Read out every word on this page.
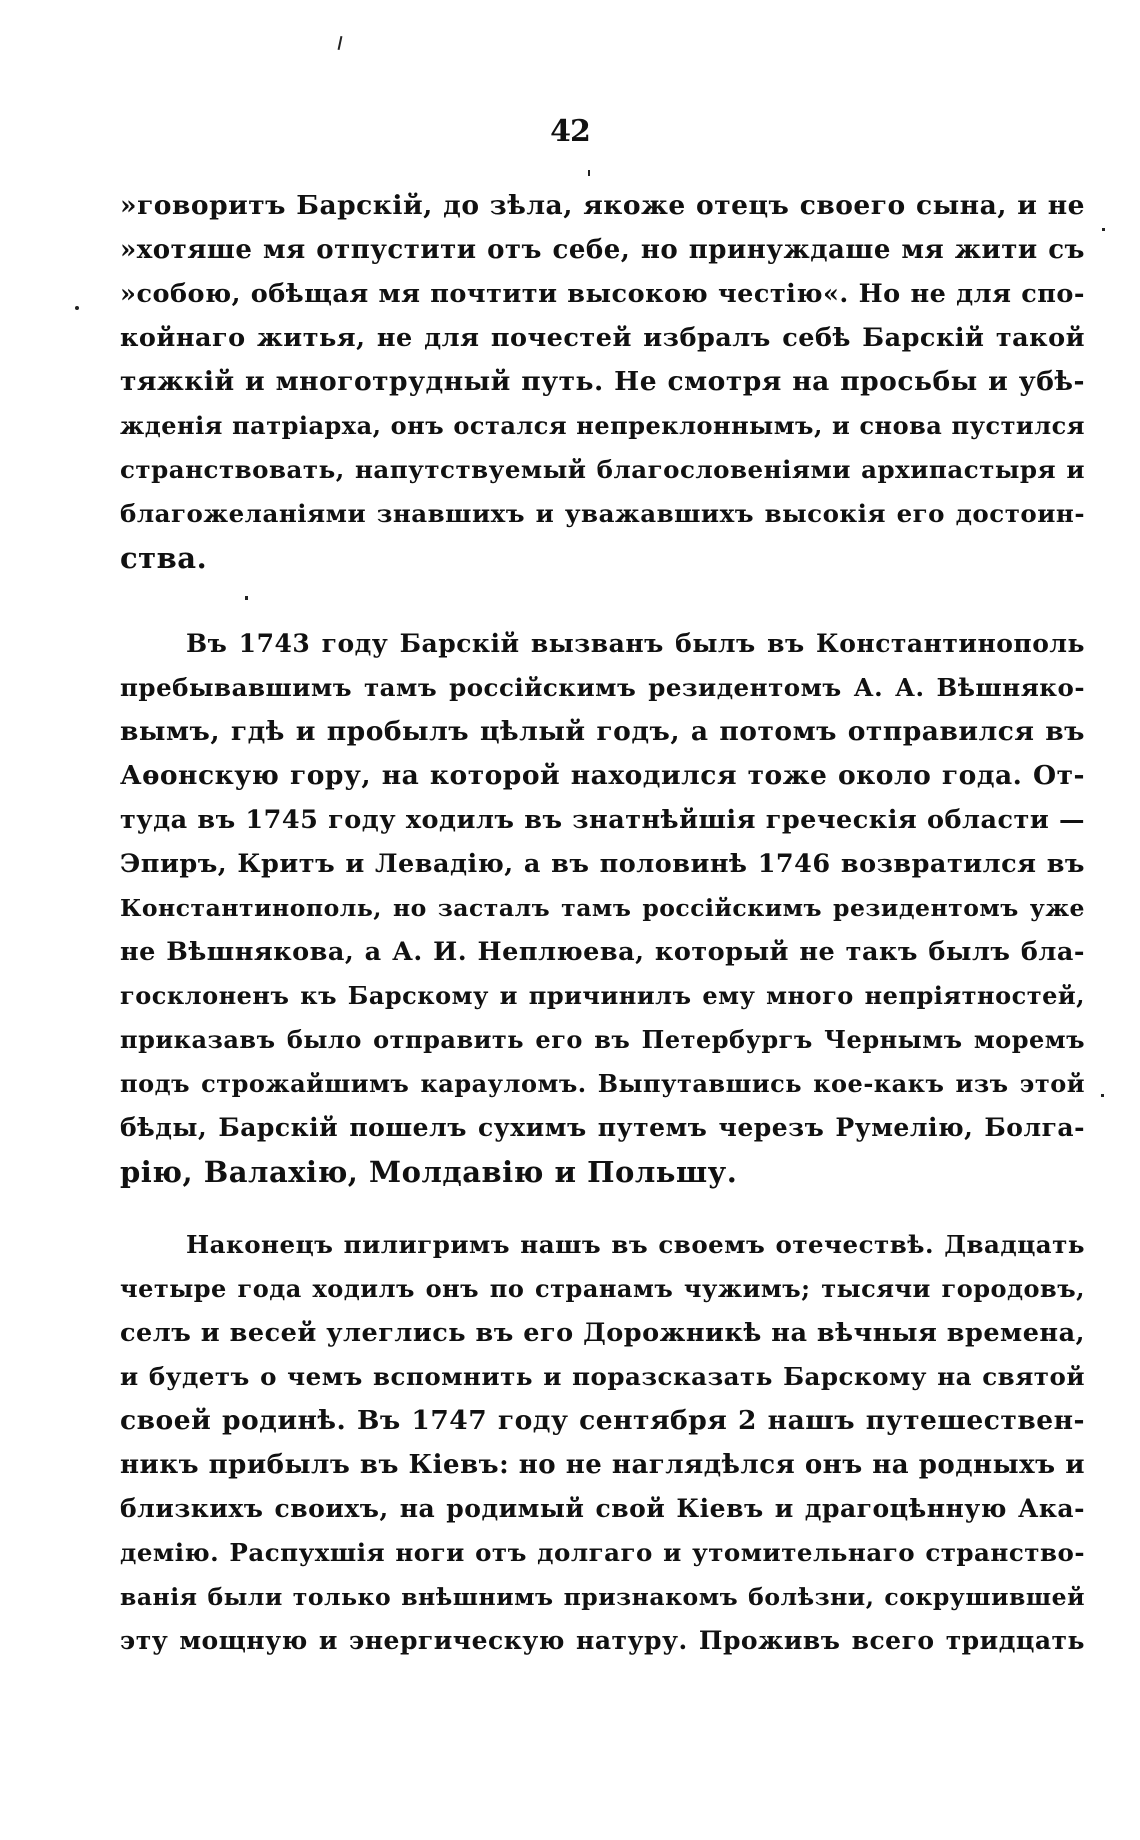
42
»говоритъ Барскій, до зѣла, якоже отецъ своего сына, и не
»хотяше мя отпустити отъ себе, но принуждаше мя жити съ
»собою, обѣщая мя почтити высокою честію«. Но не для спо-
койнаго житья, не для почестей избралъ себѣ Барскій такой
тяжкій и многотрудный путь. Не смотря на просьбы и убѣ-
жденія патріарха, онъ остался непреклоннымъ, и снова пустился
странствовать, напутствуемый благословеніями архипастыря и
благожеланіями знавшихъ и уважавшихъ высокія его достоин-
ства.
Въ 1743 году Барскій вызванъ былъ въ Константинополь
пребывавшимъ тамъ россійскимъ резидентомъ А. А. Вѣшняко-
вымъ, гдѣ и пробылъ цѣлый годъ, а потомъ отправился въ
Аѳонскую гору, на которой находился тоже около года. От-
туда въ 1745 году ходилъ въ знатнѣйшія греческія области —
Эпиръ, Критъ и Левадію, а въ половинѣ 1746 возвратился въ
Константинополь, но засталъ тамъ россійскимъ резидентомъ уже
не Вѣшнякова, а А. И. Неплюева, который не такъ былъ бла-
госклоненъ къ Барскому и причинилъ ему много непріятностей,
приказавъ было отправить его въ Петербургъ Чернымъ моремъ
подъ строжайшимъ карауломъ. Выпутавшись кое-какъ изъ этой
бѣды, Барскій пошелъ сухимъ путемъ черезъ Румелію, Болга-
рію, Валахію, Молдавію и Польшу.
Наконецъ пилигримъ нашъ въ своемъ отечествѣ. Двадцать
четыре года ходилъ онъ по странамъ чужимъ; тысячи городовъ,
селъ и весей улеглись въ его Дорожникѣ на вѣчныя времена,
и будетъ о чемъ вспомнить и поразсказать Барскому на святой
своей родинѣ. Въ 1747 году сентября 2 нашъ путешествен-
никъ прибылъ въ Кіевъ: но не наглядѣлся онъ на родныхъ и
близкихъ своихъ, на родимый свой Кіевъ и драгоцѣнную Ака-
демію. Распухшія ноги отъ долгаго и утомительнаго странство-
ванія были только внѣшнимъ признакомъ болѣзни, сокрушившей
эту мощную и энергическую натуру. Проживъ всего тридцать
